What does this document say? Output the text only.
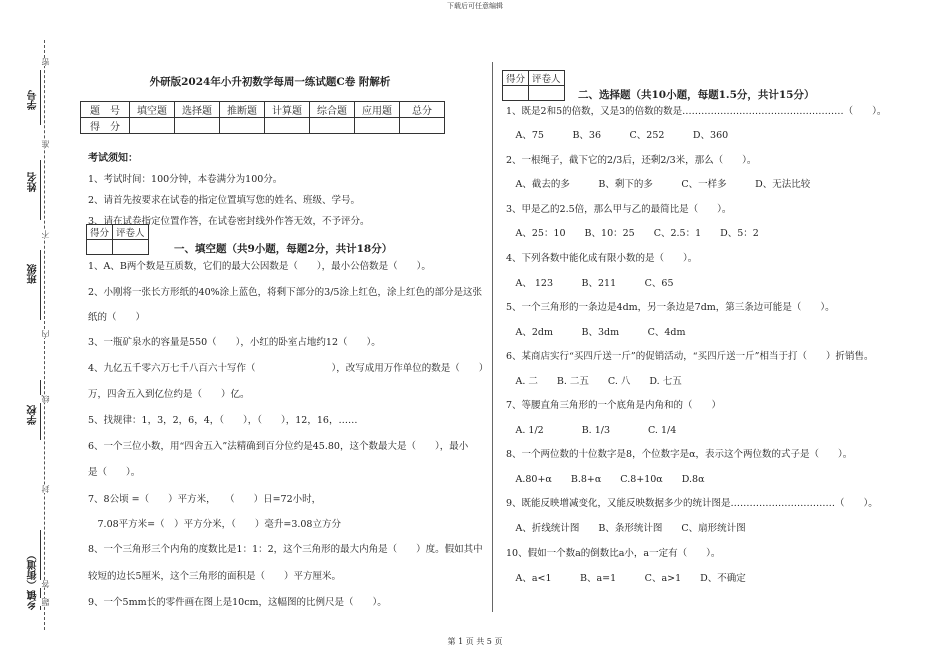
下载后可任意编辑
第 1 页 共 5 页
学号
姓名
班级
学校
乡镇（街道）
密
封
线
内
不
准
答
题
外研版2024年小升初数学每周一练试题C卷 附解析
题　号	填空题	选择题	推断题	计算题	综合题	应用题	总分
得　分							
考试须知：
1、考试时间：100分钟，本卷满分为100分。
2、请首先按要求在试卷的指定位置填写您的姓名、班级、学号。
3、请在试卷指定位置作答，在试卷密封线外作答无效，不予评分。
得分	评卷人

一、填空题（共9小题，每题2分，共计18分）
1、A、B两个数是互质数，它们的最大公因数是（　　），最小公倍数是（　　）。
2、小刚将一张长方形纸的40%涂上蓝色，将剩下部分的3/5涂上红色，涂上红色的部分是这张
纸的（　　）
3、一瓶矿泉水的容量是550（　　），小红的卧室占地约12（　　）。
4、九亿五千零六万七千八百六十写作（　　　　　　　　），改写成用万作单位的数是（　　）
万，四舍五入到亿位约是（　　）亿。
5、找规律：1，3，2，6，4，（　　），（　　），12，16，……
6、一个三位小数，用“四舍五入”法精确到百分位约是45.80，这个数最大是（　　），最小
是（　　）。
7、8公顷 =（　　）平方米，　　（　　）日=72小时，
　7.08平方米=（　）平方分米，（　　）毫升=3.08立方分
8、一个三角形三个内角的度数比是1：1：2，这个三角形的最大内角是（　　）度。假如其中
较短的边长5厘米，这个三角形的面积是（　　）平方厘米。
9、一个5mm长的零件画在图上是10cm，这幅图的比例尺是（　　）。
得分	评卷人

二、选择题（共10小题，每题1.5分，共计15分）
1、既是2和5的倍数，又是3的倍数的数是……………………………………………（　　）。
　A、75　　　B、36　　　C、252　　　D、360
2、一根绳子，截下它的2/3后，还剩2/3米，那么（　　）。
　A、截去的多　　　B、剩下的多　　　C、一样多　　　D、无法比较
3、甲是乙的2.5倍，那么甲与乙的最简比是（　　）。
　A、25：10　　B、10：25　　C、2.5：1　　D、5：2
4、下列各数中能化成有限小数的是（　　）。
　A、 123　　　B、211　　　C、65
5、一个三角形的一条边是4dm，另一条边是7dm，第三条边可能是（　　）。
　A、2dm　　　B、3dm　　　C、4dm
6、某商店实行“买四斤送一斤”的促销活动，“买四斤送一斤”相当于打（　　）折销售。
　A. 二　　B. 二五　　C. 八　　D. 七五
7、等腰直角三角形的一个底角是内角和的（　　）
　A. 1/2　　　　B. 1/3　　　　C. 1/4
8、一个两位数的十位数字是8，个位数字是α，表示这个两位数的式子是（　　）。
　A.80+α　　B.8+α　　C.8+10α　　D.8α
9、既能反映增减变化，又能反映数据多少的统计图是……………………………（　　）。
　A、折线统计图　　B、条形统计图　　C、扇形统计图
10、假如一个数a的倒数比a小，a一定有（　　）。
　A、a<1　　　B、a=1　　　C、a>1　　D、不确定
